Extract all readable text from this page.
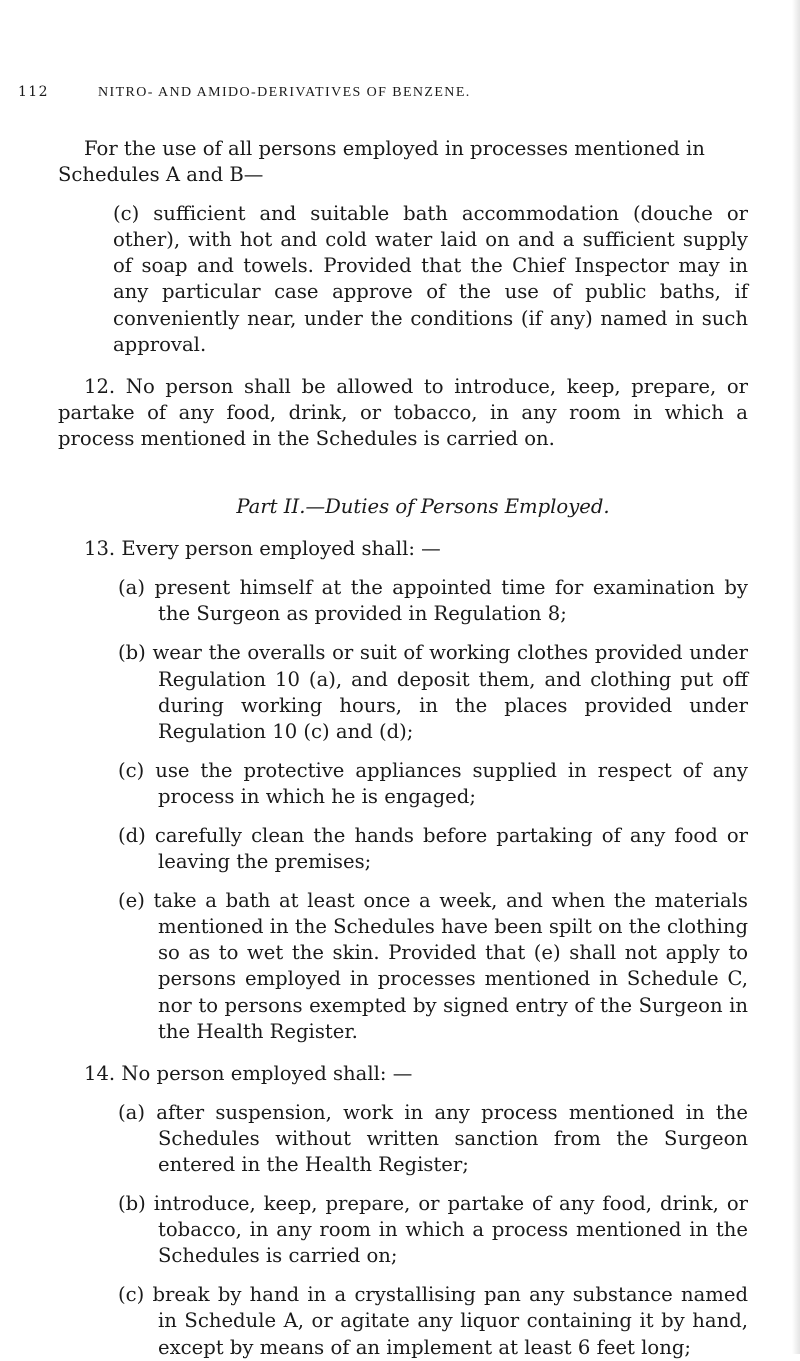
112	NITRO- AND AMIDO-DERIVATIVES OF BENZENE.

For the use of all persons employed in processes mentioned in Schedules A and B—

(c) sufficient and suitable bath accommodation (douche or other), with hot and cold water laid on and a sufficient supply of soap and towels. Provided that the Chief Inspector may in any particular case approve of the use of public baths, if conveniently near, under the conditions (if any) named in such approval.

12. No person shall be allowed to introduce, keep, prepare, or partake of any food, drink, or tobacco, in any room in which a process mentioned in the Schedules is carried on.

Part II.—Duties of Persons Employed.

13. Every person employed shall: —

(a) present himself at the appointed time for examination by the Surgeon as provided in Regulation 8;

(b) wear the overalls or suit of working clothes provided under Regulation 10 (a), and deposit them, and clothing put off during working hours, in the places provided under Regulation 10 (c) and (d);

(c) use the protective appliances supplied in respect of any process in which he is engaged;

(d) carefully clean the hands before partaking of any food or leaving the premises;

(e) take a bath at least once a week, and when the materials mentioned in the Schedules have been spilt on the clothing so as to wet the skin. Provided that (e) shall not apply to persons employed in processes mentioned in Schedule C, nor to persons exempted by signed entry of the Surgeon in the Health Register.

14. No person employed shall: —

(a) after suspension, work in any process mentioned in the Schedules without written sanction from the Surgeon entered in the Health Register;

(b) introduce, keep, prepare, or partake of any food, drink, or tobacco, in any room in which a process mentioned in the Schedules is carried on;

(c) break by hand in a crystallising pan any substance named in Schedule A, or agitate any liquor containing it by hand, except by means of an implement at least 6 feet long;
